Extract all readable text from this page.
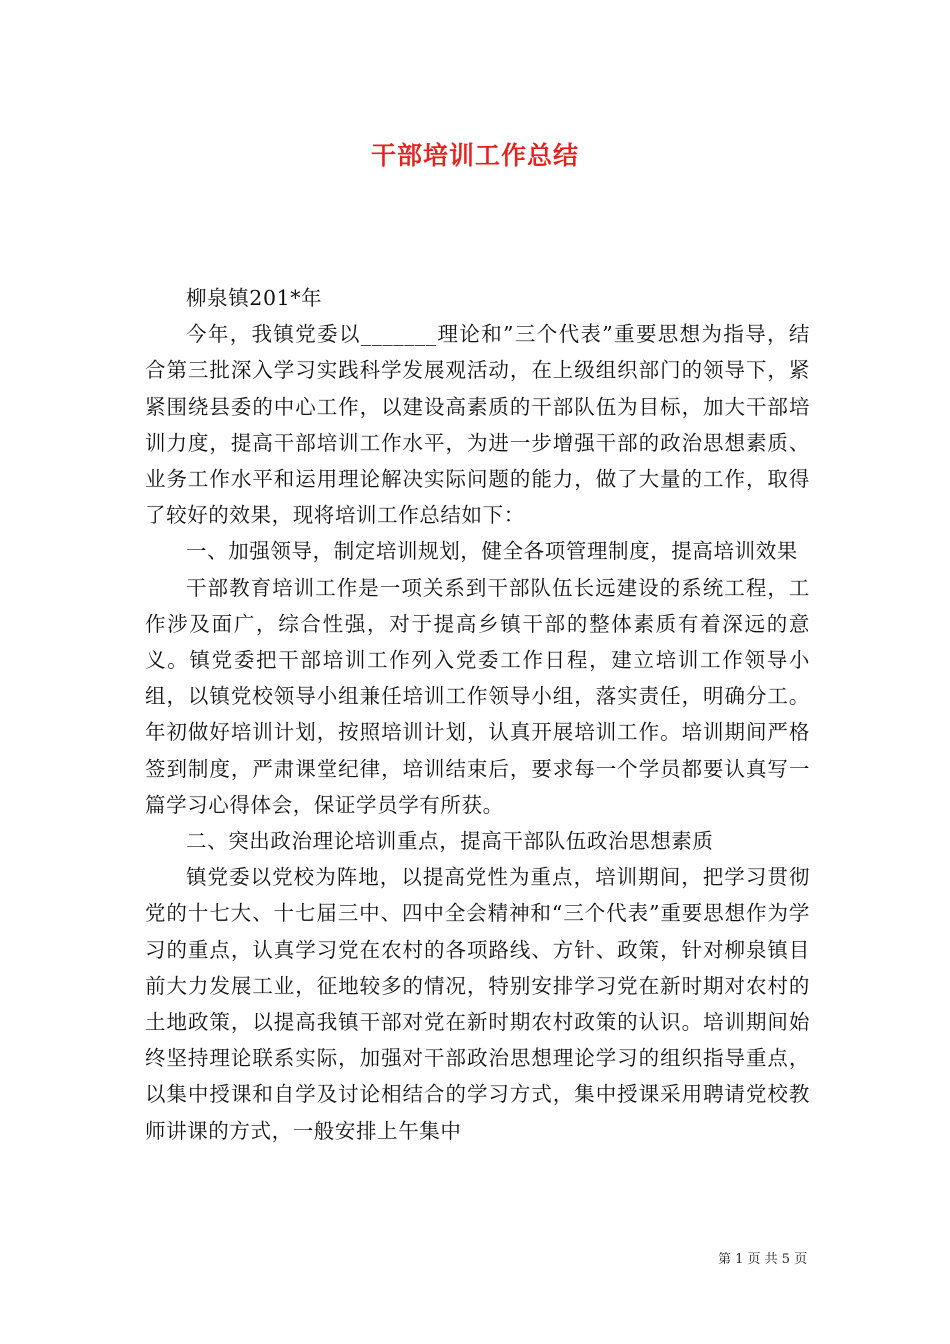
干部培训工作总结

柳泉镇201*年

今年，我镇党委以_______理论和”三个代表”重要思想为指导，结合第三批深入学习实践科学发展观活动，在上级组织部门的领导下，紧紧围绕县委的中心工作，以建设高素质的干部队伍为目标，加大干部培训力度，提高干部培训工作水平，为进一步增强干部的政治思想素质、业务工作水平和运用理论解决实际问题的能力，做了大量的工作，取得了较好的效果，现将培训工作总结如下：

一、加强领导，制定培训规划，健全各项管理制度，提高培训效果

干部教育培训工作是一项关系到干部队伍长远建设的系统工程，工作涉及面广，综合性强，对于提高乡镇干部的整体素质有着深远的意义。镇党委把干部培训工作列入党委工作日程，建立培训工作领导小组，以镇党校领导小组兼任培训工作领导小组，落实责任，明确分工。年初做好培训计划，按照培训计划，认真开展培训工作。培训期间严格签到制度，严肃课堂纪律，培训结束后，要求每一个学员都要认真写一篇学习心得体会，保证学员学有所获。

二、突出政治理论培训重点，提高干部队伍政治思想素质

镇党委以党校为阵地，以提高党性为重点，培训期间，把学习贯彻党的十七大、十七届三中、四中全会精神和“三个代表”重要思想作为学习的重点，认真学习党在农村的各项路线、方针、政策，针对柳泉镇目前大力发展工业，征地较多的情况，特别安排学习党在新时期对农村的土地政策，以提高我镇干部对党在新时期农村政策的认识。培训期间始终坚持理论联系实际，加强对干部政治思想理论学习的组织指导重点，以集中授课和自学及讨论相结合的学习方式，集中授课采用聘请党校教师讲课的方式，一般安排上午集中

第 1 页 共 5 页
